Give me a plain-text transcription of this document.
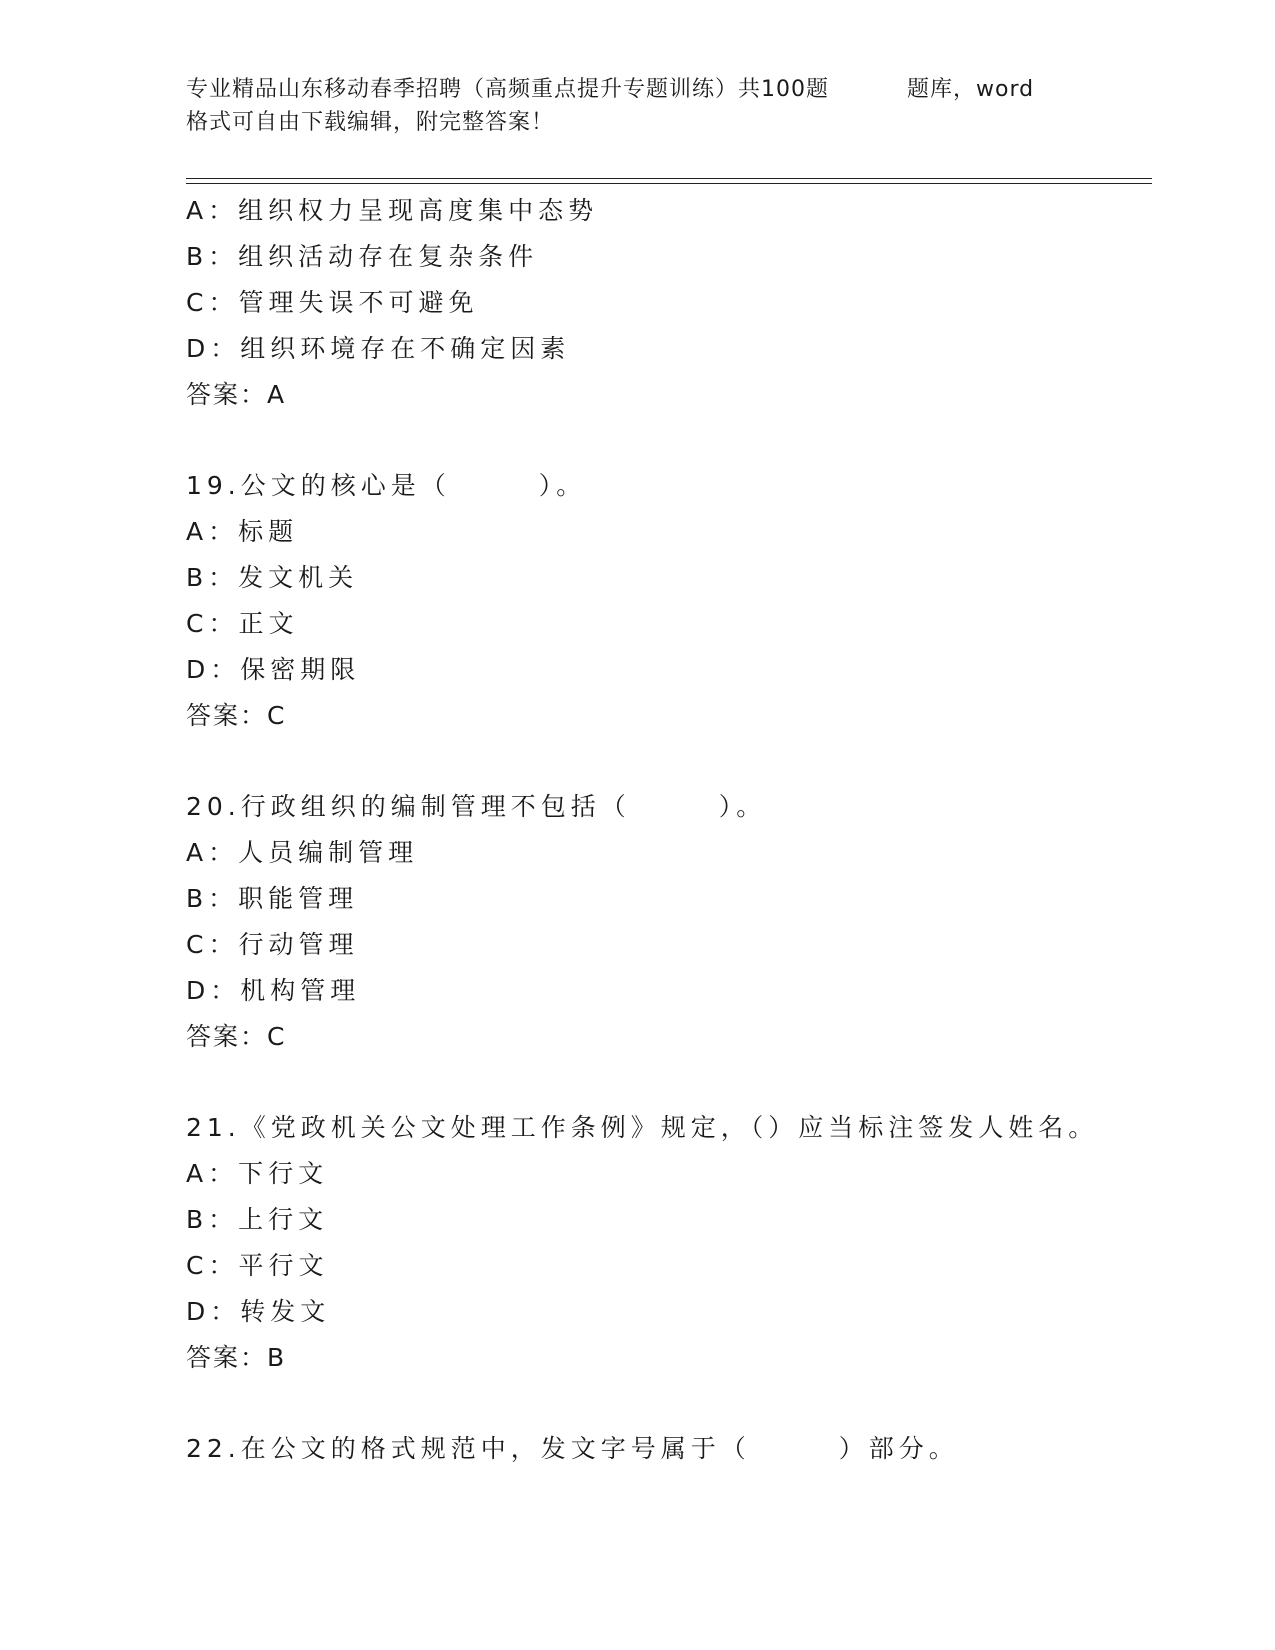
专业精品山东移动春季招聘（高频重点提升专题训练）共100题	题库，word
格式可自由下载编辑，附完整答案！
A：组织权力呈现高度集中态势
B：组织活动存在复杂条件
C：管理失误不可避免
D：组织环境存在不确定因素
答案：A
19.公文的核心是（	）。
A：标题
B：发文机关
C：正文
D：保密期限
答案：C
20.行政组织的编制管理不包括（	）。
A：人员编制管理
B：职能管理
C：行动管理
D：机构管理
答案：C
21.《党政机关公文处理工作条例》规定，（）应当标注签发人姓名。
A：下行文
B：上行文
C：平行文
D：转发文
答案：B
22.在公文的格式规范中，发文字号属于（	）部分。
